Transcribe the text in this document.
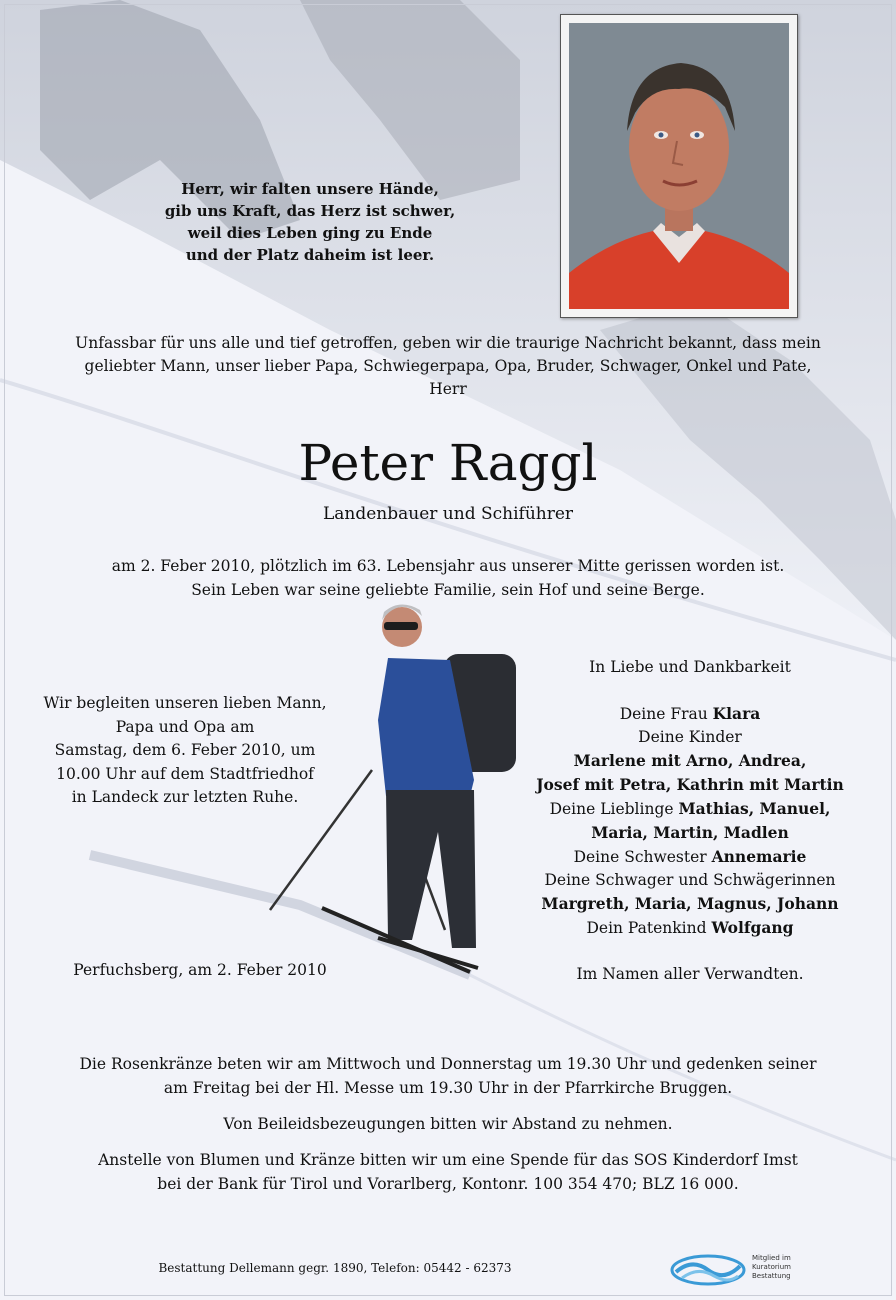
Herr, wir falten unsere Hände,
gib uns Kraft, das Herz ist schwer,
weil dies Leben ging zu Ende
und der Platz daheim ist leer.
Unfassbar für uns alle und tief getroffen, geben wir die traurige Nachricht bekannt, dass mein
geliebter Mann, unser lieber Papa, Schwiegerpapa, Opa, Bruder, Schwager, Onkel und Pate,
Herr
Peter Raggl
Landenbauer und Schiführer
am 2. Feber 2010, plötzlich im 63. Lebensjahr aus unserer Mitte gerissen worden ist.
Sein Leben war seine geliebte Familie, sein Hof und seine Berge.
Wir begleiten unseren lieben Mann,
Papa und Opa am
Samstag, dem 6. Feber 2010, um
10.00 Uhr auf dem Stadtfriedhof
in Landeck zur letzten Ruhe.
Perfuchsberg, am 2. Feber 2010
In Liebe und Dankbarkeit
Deine Frau Klara
Deine Kinder
Marlene mit Arno, Andrea,
Josef mit Petra, Kathrin mit Martin
Deine Lieblinge Mathias, Manuel,
Maria, Martin, Madlen
Deine Schwester Annemarie
Deine Schwager und Schwägerinnen
Margreth, Maria, Magnus, Johann
Dein Patenkind Wolfgang
Im Namen aller Verwandten.

Die Rosenkränze beten wir am Mittwoch und Donnerstag um 19.30 Uhr und gedenken seiner

am Freitag bei der Hl. Messe um 19.30 Uhr in der Pfarrkirche Bruggen.

Von Beileidsbezeugungen bitten wir Abstand zu nehmen.

Anstelle von Blumen und Kränze bitten wir um eine Spende für das SOS Kinderdorf Imst

bei der Bank für Tirol und Vorarlberg, Kontonr. 100 354 470; BLZ 16 000.

Bestattung Dellemann gegr. 1890, Telefon: 05442 - 62373
Mitglied im
Kuratorium Bestattung
